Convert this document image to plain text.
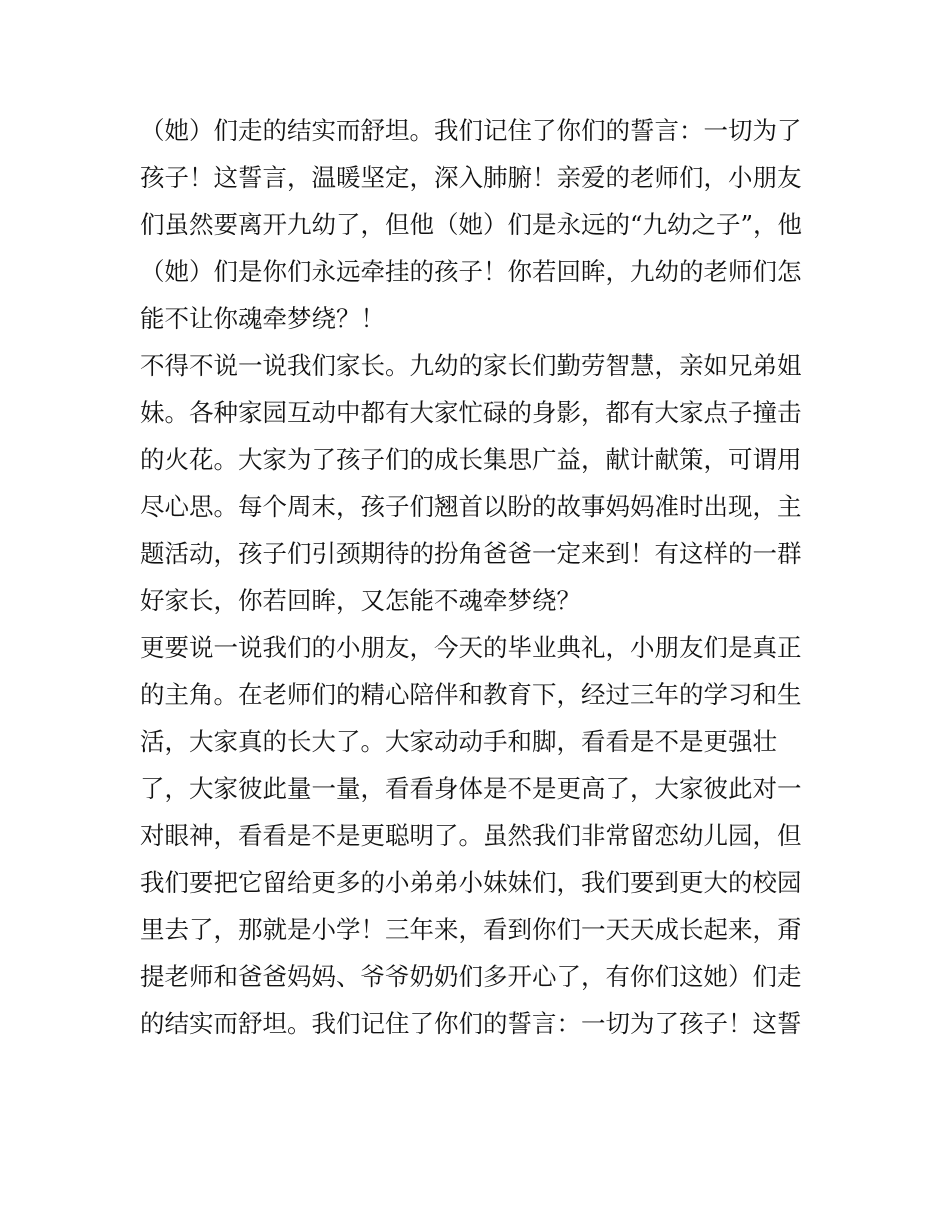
（她）们走的结实而舒坦。我们记住了你们的誓言：一切为了
孩子！这誓言，温暖坚定，深入肺腑！亲爱的老师们，小朋友
们虽然要离开九幼了，但他（她）们是永远的“九幼之子”，他
（她）们是你们永远牵挂的孩子！你若回眸，九幼的老师们怎
能不让你魂牵梦绕？！
不得不说一说我们家长。九幼的家长们勤劳智慧，亲如兄弟姐
妹。各种家园互动中都有大家忙碌的身影，都有大家点子撞击
的火花。大家为了孩子们的成长集思广益，献计献策，可谓用
尽心思。每个周末，孩子们翘首以盼的故事妈妈准时出现，主
题活动，孩子们引颈期待的扮角爸爸一定来到！有这样的一群
好家长，你若回眸，又怎能不魂牵梦绕？
更要说一说我们的小朋友，今天的毕业典礼，小朋友们是真正
的主角。在老师们的精心陪伴和教育下，经过三年的学习和生
活，大家真的长大了。大家动动手和脚，看看是不是更强壮
了，大家彼此量一量，看看身体是不是更高了，大家彼此对一
对眼神，看看是不是更聪明了。虽然我们非常留恋幼儿园，但
我们要把它留给更多的小弟弟小妹妹们，我们要到更大的校园
里去了，那就是小学！三年来，看到你们一天天成长起来，甭
提老师和爸爸妈妈、爷爷奶奶们多开心了，有你们这她）们走
的结实而舒坦。我们记住了你们的誓言：一切为了孩子！这誓
